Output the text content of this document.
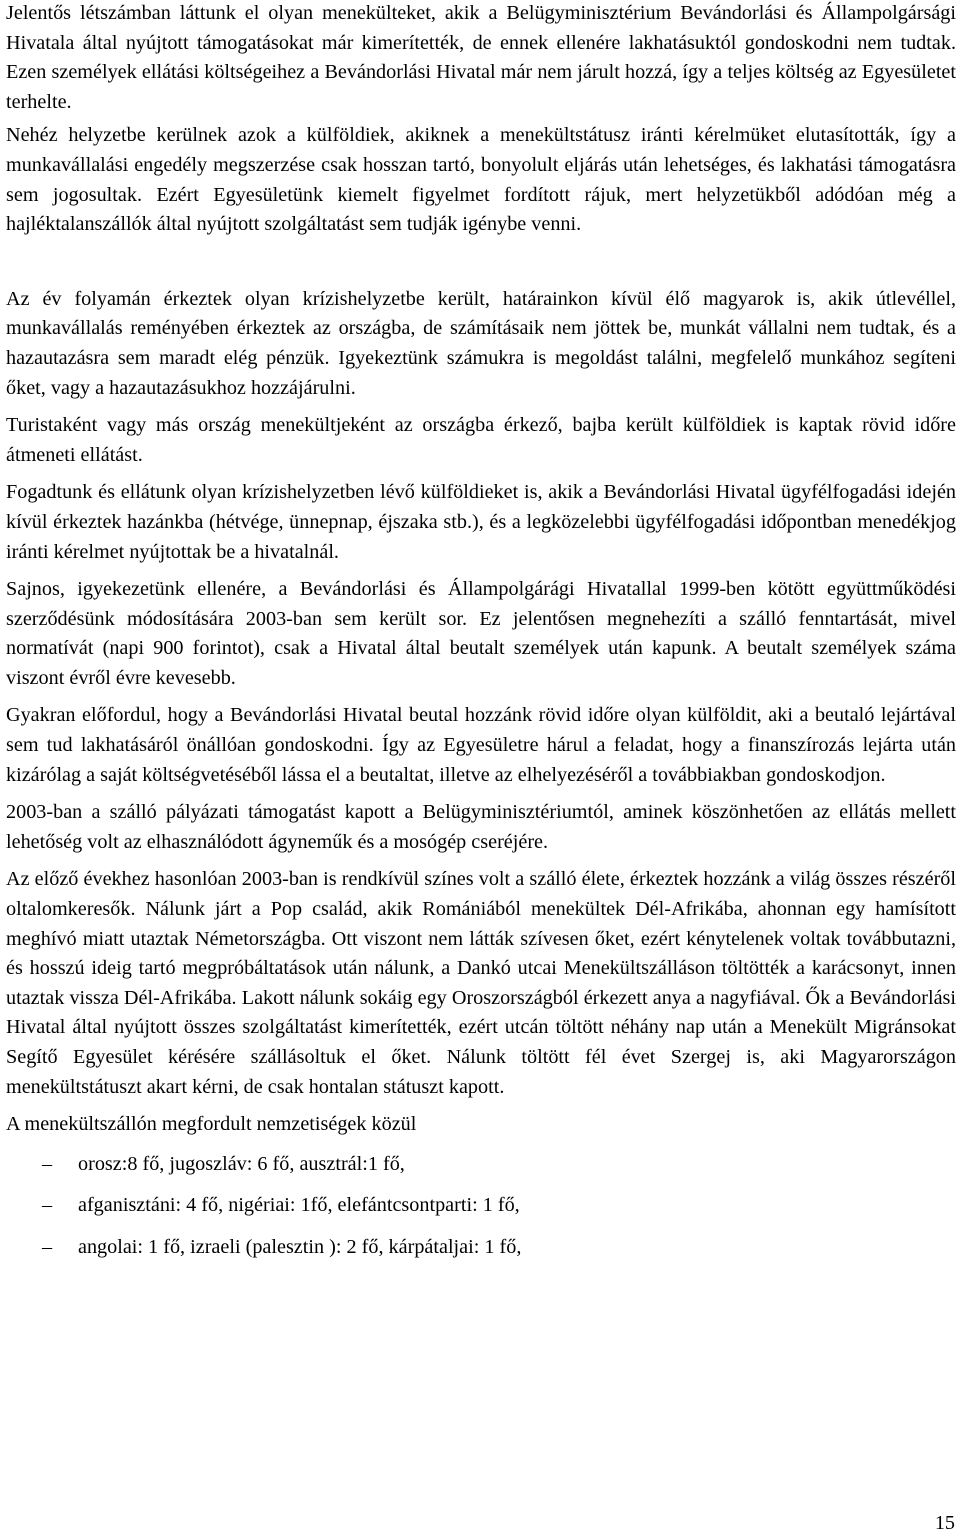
Jelentős létszámban láttunk el olyan menekülteket, akik a Belügyminisztérium Bevándorlási és Állampolgársági Hivatala által nyújtott támogatásokat már kimerítették, de ennek ellenére lakhatásuktól gondoskodni nem tudtak. Ezen személyek ellátási költségeihez a Bevándorlási Hivatal már nem járult hozzá, így a teljes költség az Egyesületet terhelte.

Nehéz helyzetbe kerülnek azok a külföldiek, akiknek a menekültstátusz iránti kérelmüket elutasították, így a munkavállalási engedély megszerzése csak hosszan tartó, bonyolult eljárás után lehetséges, és lakhatási támogatásra sem jogosultak. Ezért Egyesületünk kiemelt figyelmet fordított rájuk, mert helyzetükből adódóan még a hajléktalanszállók által nyújtott szolgáltatást sem tudják igénybe venni.

Az év folyamán érkeztek olyan krízishelyzetbe került, határainkon kívül élő magyarok is, akik útlevéllel, munkavállalás reményében érkeztek az országba, de számításaik nem jöttek be, munkát vállalni nem tudtak, és a hazautazásra sem maradt elég pénzük. Igyekeztünk számukra is megoldást találni, megfelelő munkához segíteni őket, vagy a hazautazásukhoz hozzájárulni.

Turistaként vagy más ország menekültjeként az országba érkező, bajba került külföldiek is kaptak rövid időre átmeneti ellátást.

Fogadtunk és ellátunk olyan krízishelyzetben lévő külföldieket is, akik a Bevándorlási Hivatal ügyfélfogadási idején kívül érkeztek hazánkba (hétvége, ünnepnap, éjszaka stb.), és a legközelebbi ügyfélfogadási időpontban menedékjog iránti kérelmet nyújtottak be a hivatalnál.

Sajnos, igyekezetünk ellenére, a Bevándorlási és Állampolgárági Hivatallal 1999-ben kötött együttműködési szerződésünk módosítására 2003-ban sem került sor. Ez jelentősen megnehezíti a szálló fenntartását, mivel normatívát (napi 900 forintot), csak a Hivatal által beutalt személyek után kapunk. A beutalt személyek száma viszont évről évre kevesebb.

Gyakran előfordul, hogy a Bevándorlási Hivatal beutal hozzánk rövid időre olyan külföldit, aki a beutaló lejártával sem tud lakhatásáról önállóan gondoskodni. Így az Egyesületre hárul a feladat, hogy a finanszírozás lejárta után kizárólag a saját költségvetéséből lássa el a beutaltat, illetve az elhelyezéséről a továbbiakban gondoskodjon.

2003-ban a szálló pályázati támogatást kapott a Belügyminisztériumtól, aminek köszönhetően az ellátás mellett lehetőség volt az elhasználódott ágyneműk és a mosógép cseréjére.

Az előző évekhez hasonlóan 2003-ban is rendkívül színes volt a szálló élete, érkeztek hozzánk a világ összes részéről oltalomkeresők. Nálunk járt a Pop család, akik Romániából menekültek Dél-Afrikába, ahonnan egy hamísított meghívó miatt utaztak Németországba. Ott viszont nem látták szívesen őket, ezért kénytelenek voltak továbbutazni, és hosszú ideig tartó megpróbáltatások után nálunk, a Dankó utcai Menekültszálláson töltötték a karácsonyt, innen utaztak vissza Dél-Afrikába. Lakott nálunk sokáig egy Oroszországból érkezett anya a nagyfiával. Ők a Bevándorlási Hivatal által nyújtott összes szolgáltatást kimerítették, ezért utcán töltött néhány nap után a Menekült Migránsokat Segítő Egyesület kérésére szállásoltuk el őket. Nálunk töltött fél évet Szergej is, aki Magyarországon menekültstátuszt akart kérni, de csak hontalan státuszt kapott.

A menekültszállón megfordult nemzetiségek közül

– orosz:8 fő, jugoszláv: 6 fő, ausztrál:1 fő,
– afganisztáni: 4 fő, nigériai: 1fő, elefántcsontparti: 1 fő,
– angolai: 1 fő, izraeli (palesztin ): 2 fő, kárpátaljai: 1 fő,
15
